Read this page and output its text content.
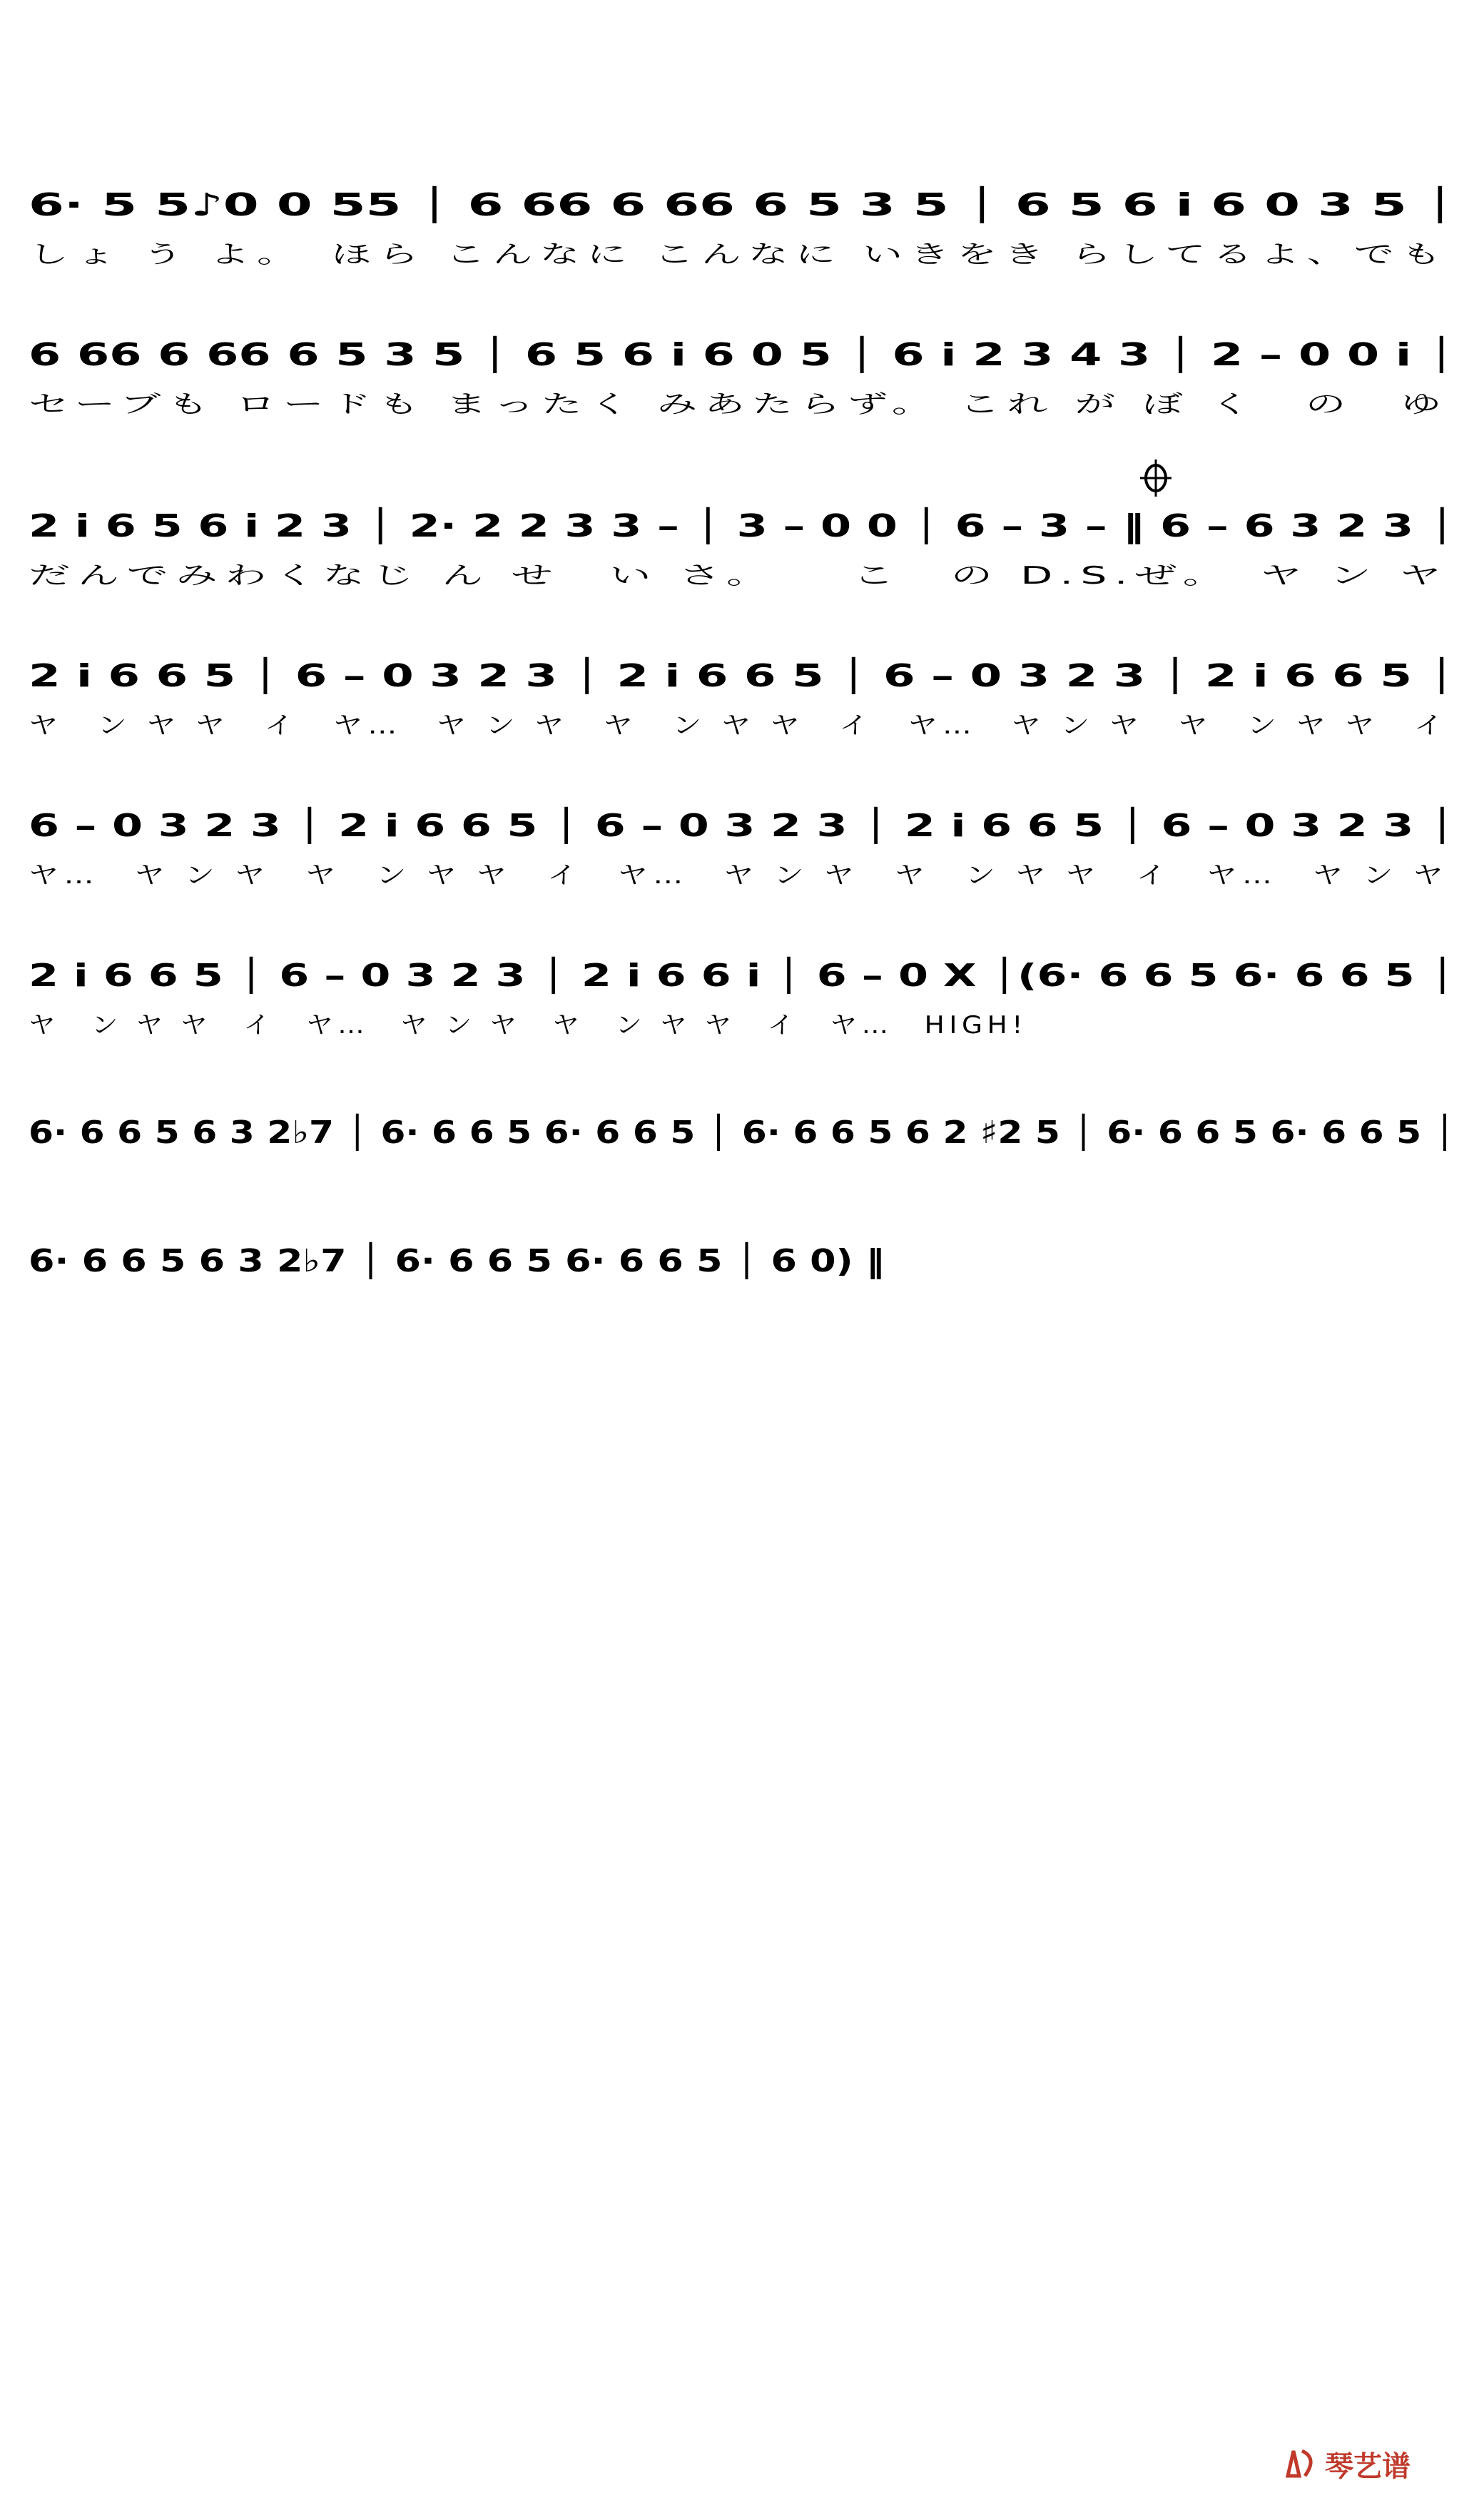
6· 5 5♪0 0 55 │ 6 66 6 66 6 5 3 5 │ 6 5 6 i 6 0 3 5 │
しょ う よ。　ほら こんなに こんなに いきをき らしてるよ、でも
6 66 6 66 6 5 3 5 │ 6 5 6 i 6 0 5 │ 6 i 2 3 4 3 │ 2 – 0 0 i │
セーブも ロードも まったく みあたらず。 これ が ぼ く　の　ゆ
2 i 6 5 6 i 2 3 │ 2· 2 2 3 3 – │ 3 – 0 0 │ 6 – 3 – ‖ 6 – 6 3 2 3 │
だんでみわくなじ ん せ　い さ。　　こ　の D.S.ぜ。　ヤ ン ヤ
2 i 6 6 5 │ 6 – 0 3 2 3 │ 2 i 6 6 5 │ 6 – 0 3 2 3 │ 2 i 6 6 5 │
ヤ　ン ヤ ヤ　イ　ヤ…　ヤ ン ヤ　ヤ　ン ヤ ヤ　イ　ヤ…　ヤ ン ヤ　ヤ　ン ヤ ヤ　イ
6 – 0 3 2 3 │ 2 i 6 6 5 │ 6 – 0 3 2 3 │ 2 i 6 6 5 │ 6 – 0 3 2 3 │
ヤ…　ヤ ン ヤ　ヤ　ン ヤ ヤ　イ　ヤ…　ヤ ン ヤ　ヤ　ン ヤ ヤ　イ　ヤ…　ヤ ン ヤ
2 i 6 6 5 │ 6 – 0 3 2 3 │ 2 i 6 6 i │ 6 – 0 X │(6· 6 6 5 6· 6 6 5 │
ヤ　ン ヤ ヤ　イ　ヤ…　ヤ ン ヤ　ヤ　ン ヤ ヤ　イ　ヤ…　HIGH!
6· 6 6 5 6 3 2♭7 │ 6· 6 6 5 6· 6 6 5 │ 6· 6 6 5 6 2 ♯2 5 │ 6· 6 6 5 6· 6 6 5 │
6· 6 6 5 6 3 2♭7 │ 6· 6 6 5 6· 6 6 5 │ 6 0) ‖
琴艺谱
